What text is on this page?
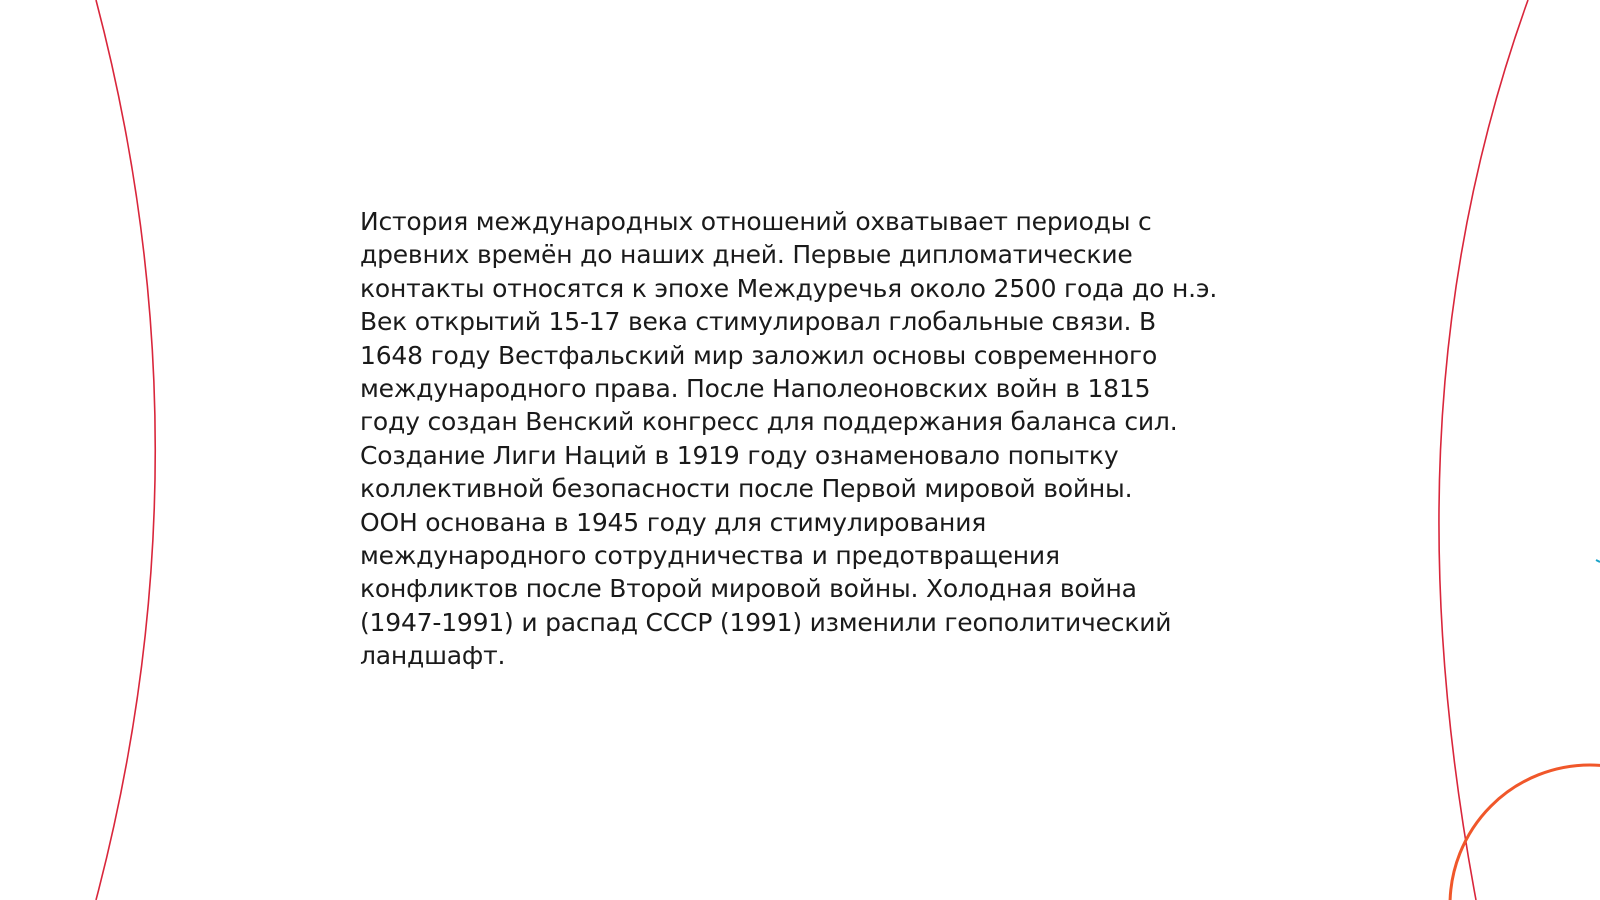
История международных отношений охватывает периоды с
древних времён до наших дней. Первые дипломатические
контакты относятся к эпохе Междуречья около 2500 года до н.э.
Век открытий 15-17 века стимулировал глобальные связи. В
1648 году Вестфальский мир заложил основы современного
международного права. После Наполеоновских войн в 1815
году создан Венский конгресс для поддержания баланса сил.
Создание Лиги Наций в 1919 году ознаменовало попытку
коллективной безопасности после Первой мировой войны.
ООН основана в 1945 году для стимулирования
международного сотрудничества и предотвращения
конфликтов после Второй мировой войны. Холодная война
(1947-1991) и распад СССР (1991) изменили геополитический
ландшафт.
